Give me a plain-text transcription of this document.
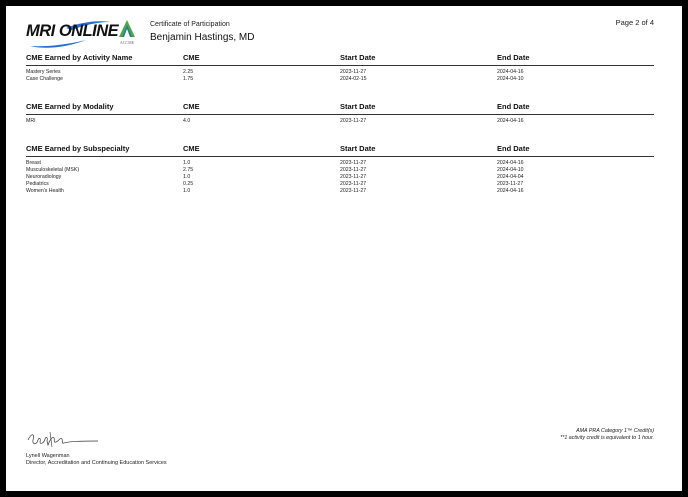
MRI ONLINE
ACCME
Certificate of Participation
Benjamin Hastings, MD
Page 2 of 4
CME Earned by Activity Name	CME	Start Date	End Date
Mastery Series	2.25	2023-11-27	2024-04-16
Case Challenge	1.75	2024-02-15	2024-04-10
CME Earned by Modality	CME	Start Date	End Date
MRI	4.0	2023-11-27	2024-04-16
CME Earned by Subspecialty	CME	Start Date	End Date
Breast	1.0	2023-11-27	2024-04-16
Musculoskeletal (MSK)	2.75	2023-11-27	2024-04-10
Neuroradiology	1.0	2023-11-27	2024-04-04
Pediatrics	0.25	2023-11-27	2023-11-27
Women's Health	1.0	2023-11-27	2024-04-16
Lynell Wagenman
Director, Accreditation and Continuing Education Services
AMA PRA Category 1™ Credit(s)
**1 activity credit is equivalent to 1 hour.
